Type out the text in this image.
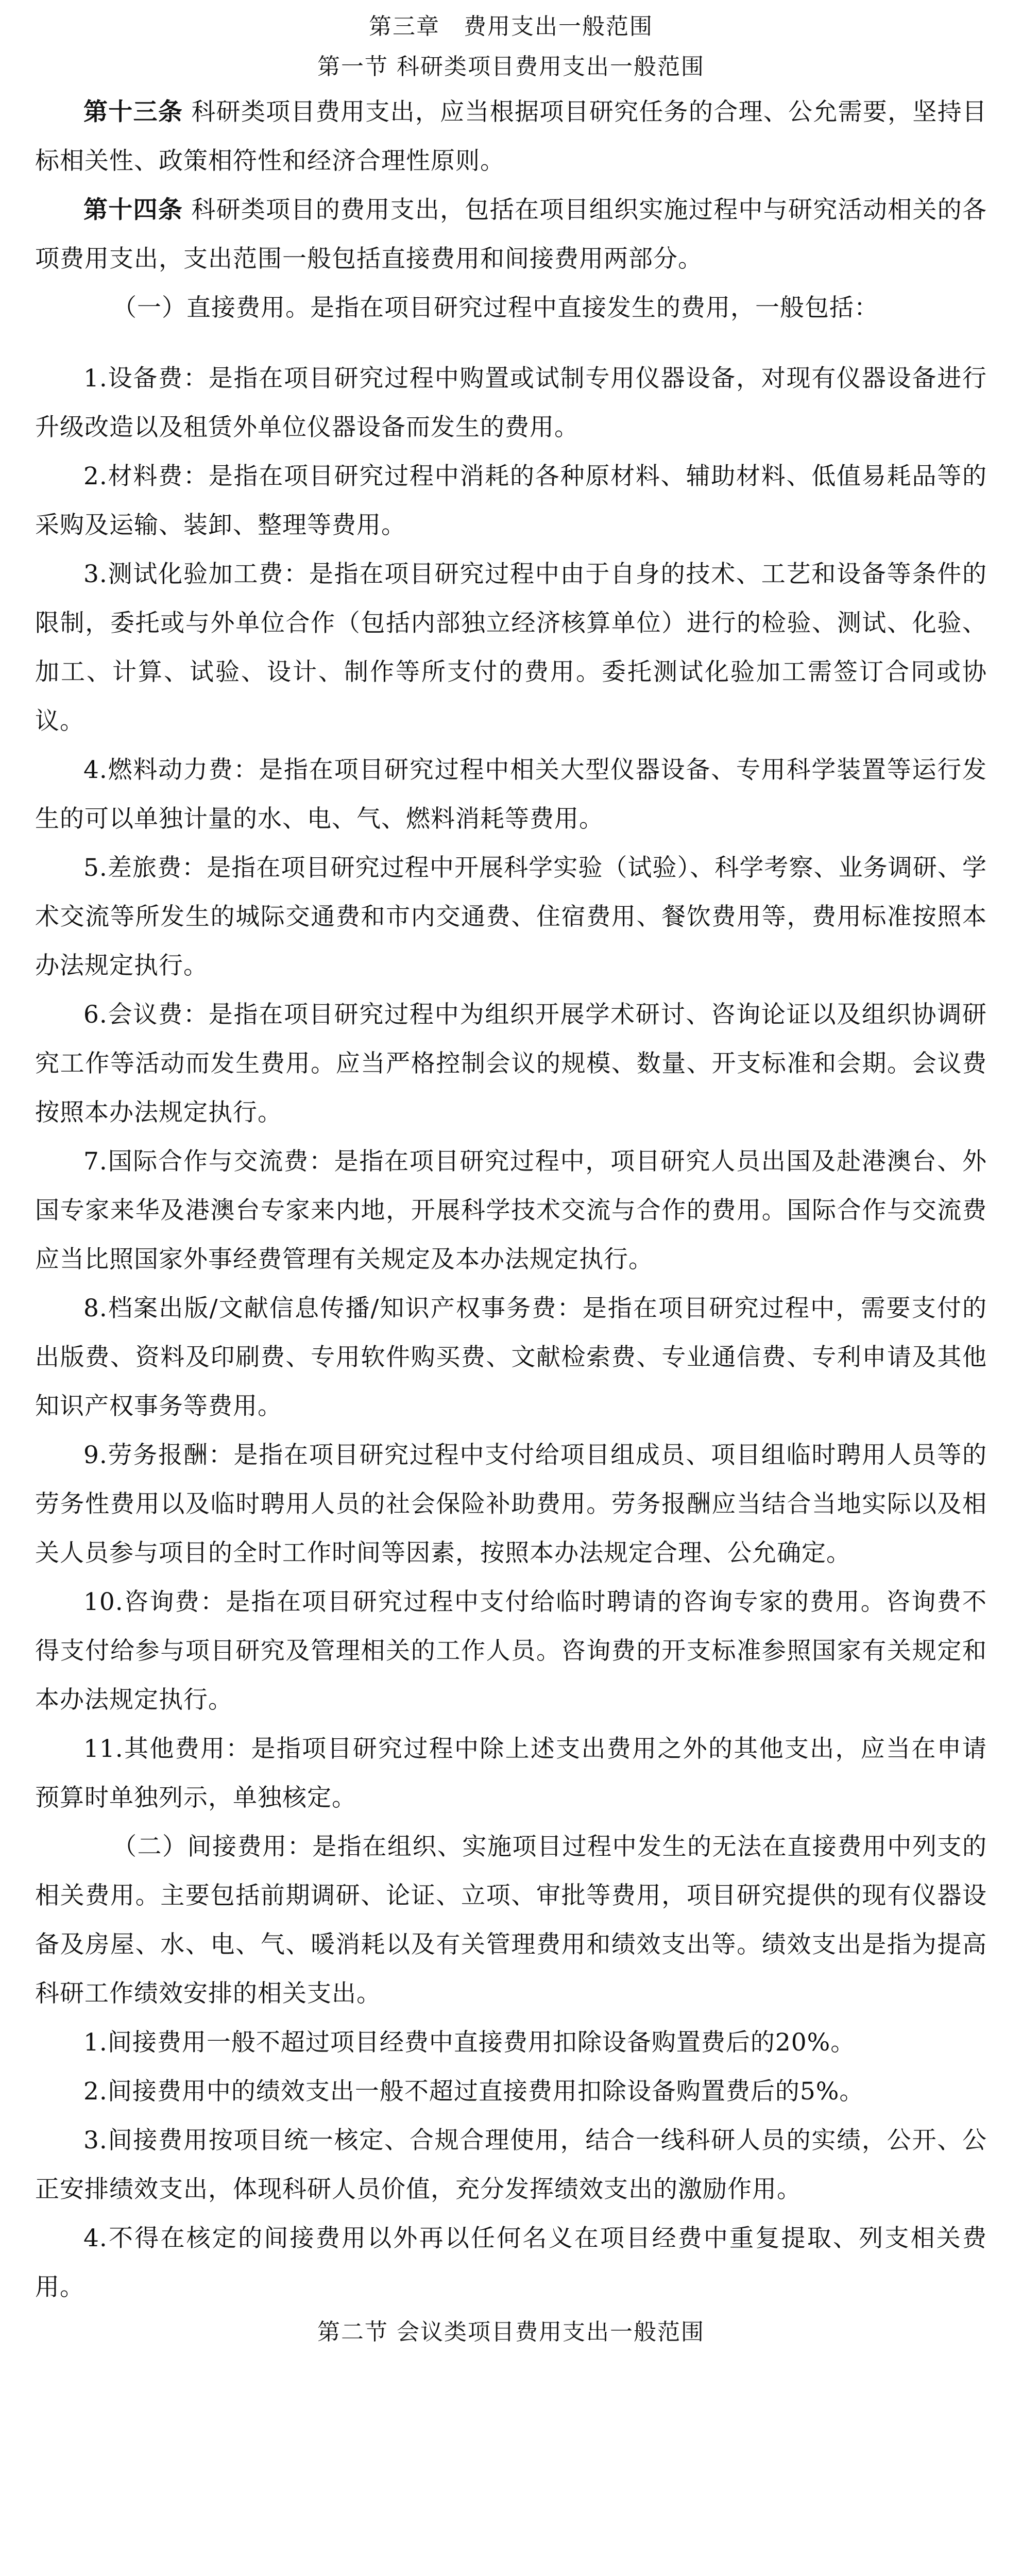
第三章　费用支出一般范围
第一节 科研类项目费用支出一般范围

第十三条 科研类项目费用支出，应当根据项目研究任务的合理、公允需要，坚持目标相关性、政策相符性和经济合理性原则。

第十四条 科研类项目的费用支出，包括在项目组织实施过程中与研究活动相关的各项费用支出，支出范围一般包括直接费用和间接费用两部分。

（一）直接费用。是指在项目研究过程中直接发生的费用，一般包括：

1.设备费：是指在项目研究过程中购置或试制专用仪器设备，对现有仪器设备进行升级改造以及租赁外单位仪器设备而发生的费用。

2.材料费：是指在项目研究过程中消耗的各种原材料、辅助材料、低值易耗品等的采购及运输、装卸、整理等费用。

3.测试化验加工费：是指在项目研究过程中由于自身的技术、工艺和设备等条件的限制，委托或与外单位合作（包括内部独立经济核算单位）进行的检验、测试、化验、加工、计算、试验、设计、制作等所支付的费用。委托测试化验加工需签订合同或协议。

4.燃料动力费：是指在项目研究过程中相关大型仪器设备、专用科学装置等运行发生的可以单独计量的水、电、气、燃料消耗等费用。

5.差旅费：是指在项目研究过程中开展科学实验（试验）、科学考察、业务调研、学术交流等所发生的城际交通费和市内交通费、住宿费用、餐饮费用等，费用标准按照本办法规定执行。

6.会议费：是指在项目研究过程中为组织开展学术研讨、咨询论证以及组织协调研究工作等活动而发生费用。应当严格控制会议的规模、数量、开支标准和会期。会议费按照本办法规定执行。

7.国际合作与交流费：是指在项目研究过程中，项目研究人员出国及赴港澳台、外国专家来华及港澳台专家来内地，开展科学技术交流与合作的费用。国际合作与交流费应当比照国家外事经费管理有关规定及本办法规定执行。

8.档案出版/文献信息传播/知识产权事务费：是指在项目研究过程中，需要支付的出版费、资料及印刷费、专用软件购买费、文献检索费、专业通信费、专利申请及其他知识产权事务等费用。

9.劳务报酬：是指在项目研究过程中支付给项目组成员、项目组临时聘用人员等的劳务性费用以及临时聘用人员的社会保险补助费用。劳务报酬应当结合当地实际以及相关人员参与项目的全时工作时间等因素，按照本办法规定合理、公允确定。

10.咨询费：是指在项目研究过程中支付给临时聘请的咨询专家的费用。咨询费不得支付给参与项目研究及管理相关的工作人员。咨询费的开支标准参照国家有关规定和本办法规定执行。

11.其他费用：是指项目研究过程中除上述支出费用之外的其他支出，应当在申请预算时单独列示，单独核定。

（二）间接费用：是指在组织、实施项目过程中发生的无法在直接费用中列支的相关费用。主要包括前期调研、论证、立项、审批等费用，项目研究提供的现有仪器设备及房屋、水、电、气、暖消耗以及有关管理费用和绩效支出等。绩效支出是指为提高科研工作绩效安排的相关支出。

1.间接费用一般不超过项目经费中直接费用扣除设备购置费后的20%。

2.间接费用中的绩效支出一般不超过直接费用扣除设备购置费后的5%。

3.间接费用按项目统一核定、合规合理使用，结合一线科研人员的实绩，公开、公正安排绩效支出，体现科研人员价值，充分发挥绩效支出的激励作用。

4.不得在核定的间接费用以外再以任何名义在项目经费中重复提取、列支相关费用。

第二节 会议类项目费用支出一般范围
